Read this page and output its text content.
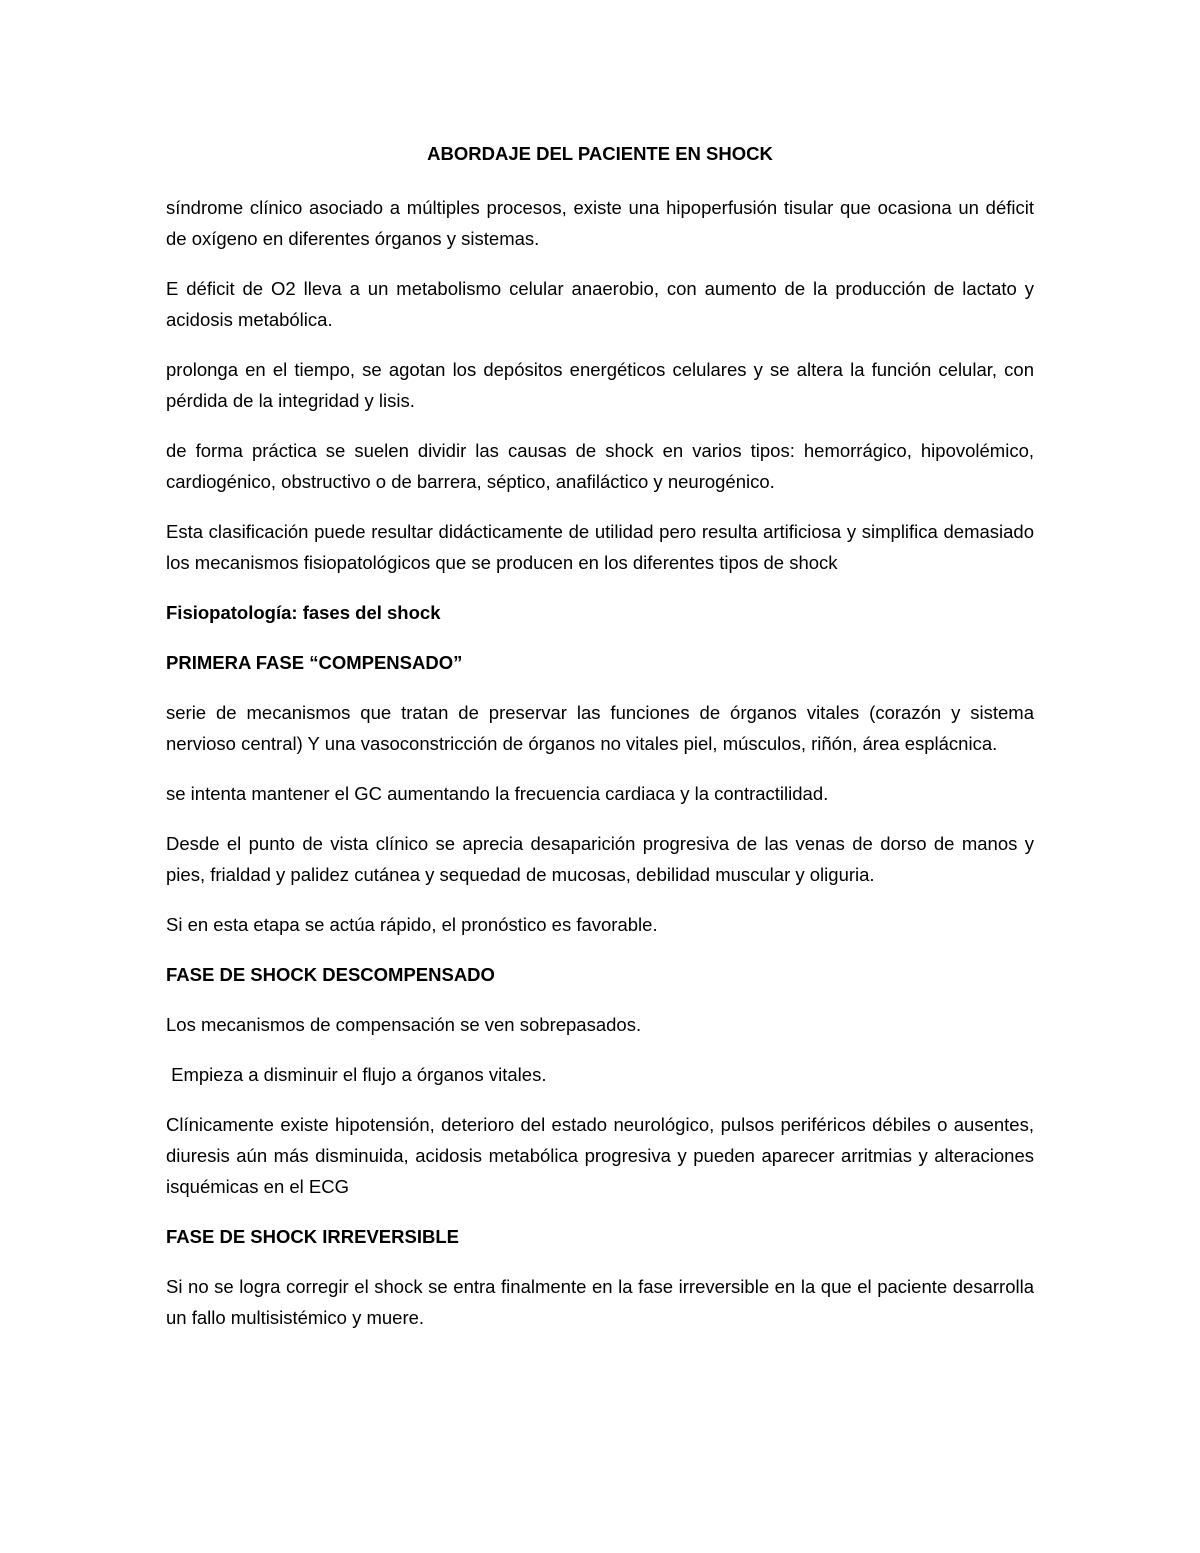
ABORDAJE DEL PACIENTE EN SHOCK
síndrome clínico asociado a múltiples procesos, existe una hipoperfusión tisular que ocasiona un déficit de oxígeno en diferentes órganos y sistemas.
E déficit de O2 lleva a un metabolismo celular anaerobio, con aumento de la producción de lactato y acidosis metabólica.
prolonga en el tiempo, se agotan los depósitos energéticos celulares y se altera la función celular, con pérdida de la integridad y lisis.
de forma práctica se suelen dividir las causas de shock en varios tipos: hemorrágico, hipovolémico, cardiogénico, obstructivo o de barrera, séptico, anafiláctico y neurogénico.
Esta clasificación puede resultar didácticamente de utilidad pero resulta artificiosa y simplifica demasiado los mecanismos fisiopatológicos que se producen en los diferentes tipos de shock
Fisiopatología: fases del shock
PRIMERA FASE “COMPENSADO”
serie de mecanismos que tratan de preservar las funciones de órganos vitales (corazón y sistema nervioso central) Y una vasoconstricción de órganos no vitales piel, músculos, riñón, área esplácnica.
se intenta mantener el GC aumentando la frecuencia cardiaca y la contractilidad.
Desde el punto de vista clínico se aprecia desaparición progresiva de las venas de dorso de manos y pies, frialdad y palidez cutánea y sequedad de mucosas, debilidad muscular y oliguria.
Si en esta etapa se actúa rápido, el pronóstico es favorable.
FASE DE SHOCK DESCOMPENSADO
Los mecanismos de compensación se ven sobrepasados.
Empieza a disminuir el flujo a órganos vitales.
Clínicamente existe hipotensión, deterioro del estado neurológico, pulsos periféricos débiles o ausentes, diuresis aún más disminuida, acidosis metabólica progresiva y pueden aparecer arritmias y alteraciones isquémicas en el ECG
FASE DE SHOCK IRREVERSIBLE
Si no se logra corregir el shock se entra finalmente en la fase irreversible en la que el paciente desarrolla un fallo multisistémico y muere.
